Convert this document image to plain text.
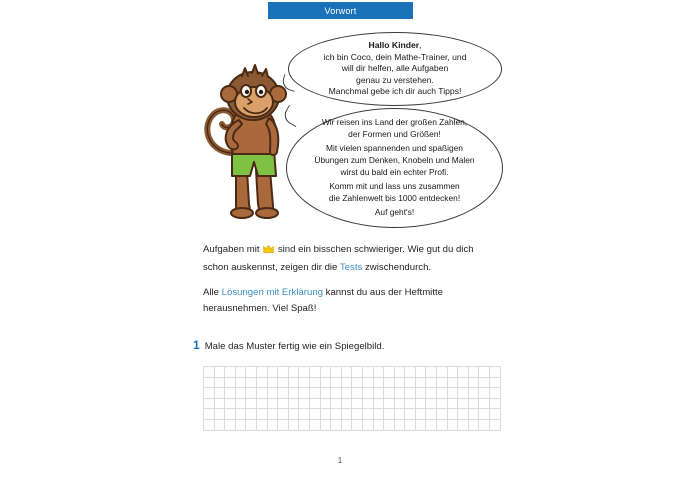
Vorwort

Hallo Kinder,

ich bin Coco, dein Mathe-Trainer, und

will dir helfen, alle Aufgaben

genau zu verstehen.

Manchmal gebe ich dir auch Tipps!

Wir reisen ins Land der großen Zahlen,

der Formen und Größen!

Mit vielen spannenden und spaßigen

Übungen zum Denken, Knobeln und Malen

wirst du bald ein echter Profi.

Komm mit und lass uns zusammen

die Zahlenwelt bis 1000 entdecken!

Auf geht's!

Aufgaben mit  sind ein bisschen schwieriger. Wie gut du dich schon auskennst, zeigen dir die Tests zwischendurch.
Alle Lösungen mit Erklärung kannst du aus der Heftmitte herausnehmen. Viel Spaß!
1 Male das Muster fertig wie ein Spiegelbild.

1
